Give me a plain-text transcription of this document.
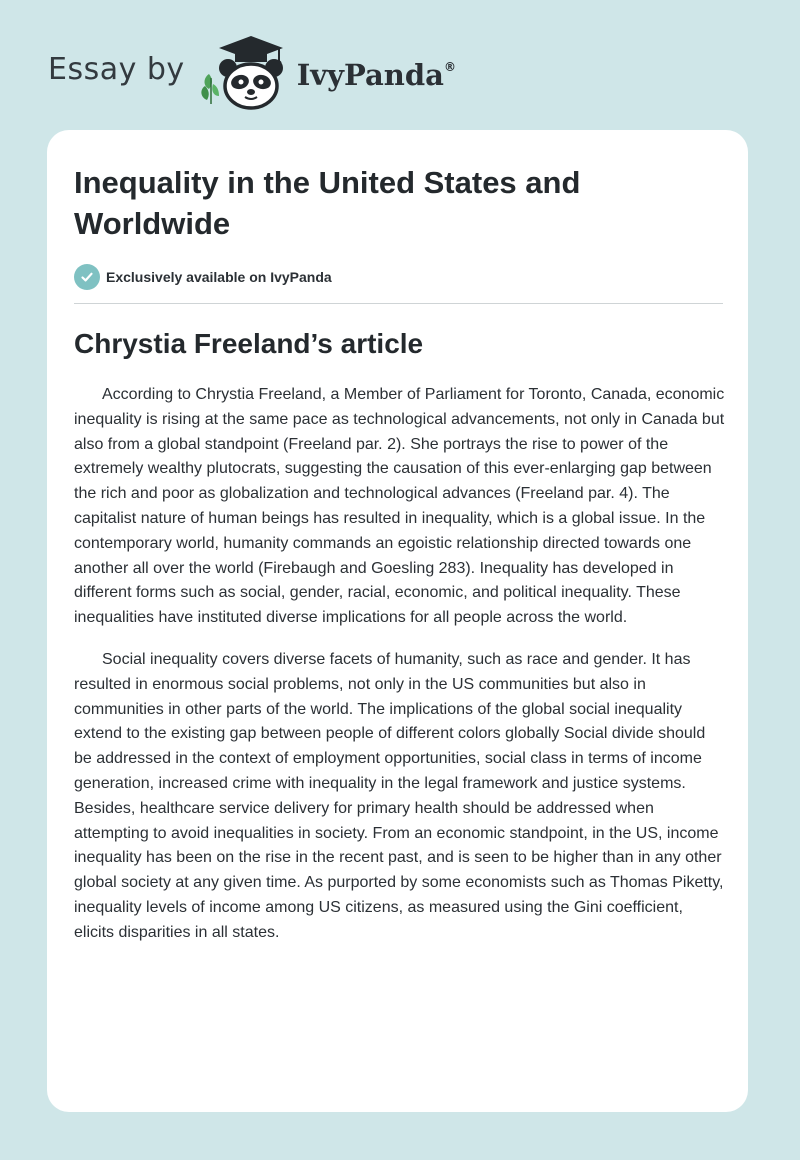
Essay by	IvyPanda®
Inequality in the United States and Worldwide
Exclusively available on IvyPanda
Chrystia Freeland’s article

According to Chrystia Freeland, a Member of Parliament for Toronto, Canada, economic inequality is rising at the same pace as technological advancements, not only in Canada but also from a global standpoint (Freeland par. 2). She portrays the rise to power of the extremely wealthy plutocrats, suggesting the causation of this ever-enlarging gap between the rich and poor as globalization and technological advances (Freeland par. 4). The capitalist nature of human beings has resulted in inequality, which is a global issue. In the contemporary world, humanity commands an egoistic relationship directed towards one another all over the world (Firebaugh and Goesling 283). Inequality has developed in different forms such as social, gender, racial, economic, and political inequality. These inequalities have instituted diverse implications for all people across the world.

Social inequality covers diverse facets of humanity, such as race and gender. It has resulted in enormous social problems, not only in the US communities but also in communities in other parts of the world. The implications of the global social inequality extend to the existing gap between people of different colors globally Social divide should be addressed in the context of employment opportunities, social class in terms of income generation, increased crime with inequality in the legal framework and justice systems. Besides, healthcare service delivery for primary health should be addressed when attempting to avoid inequalities in society. From an economic standpoint, in the US, income inequality has been on the rise in the recent past, and is seen to be higher than in any other global society at any given time. As purported by some economists such as Thomas Piketty, inequality levels of income among US citizens, as measured using the Gini coefficient, elicits disparities in all states.
